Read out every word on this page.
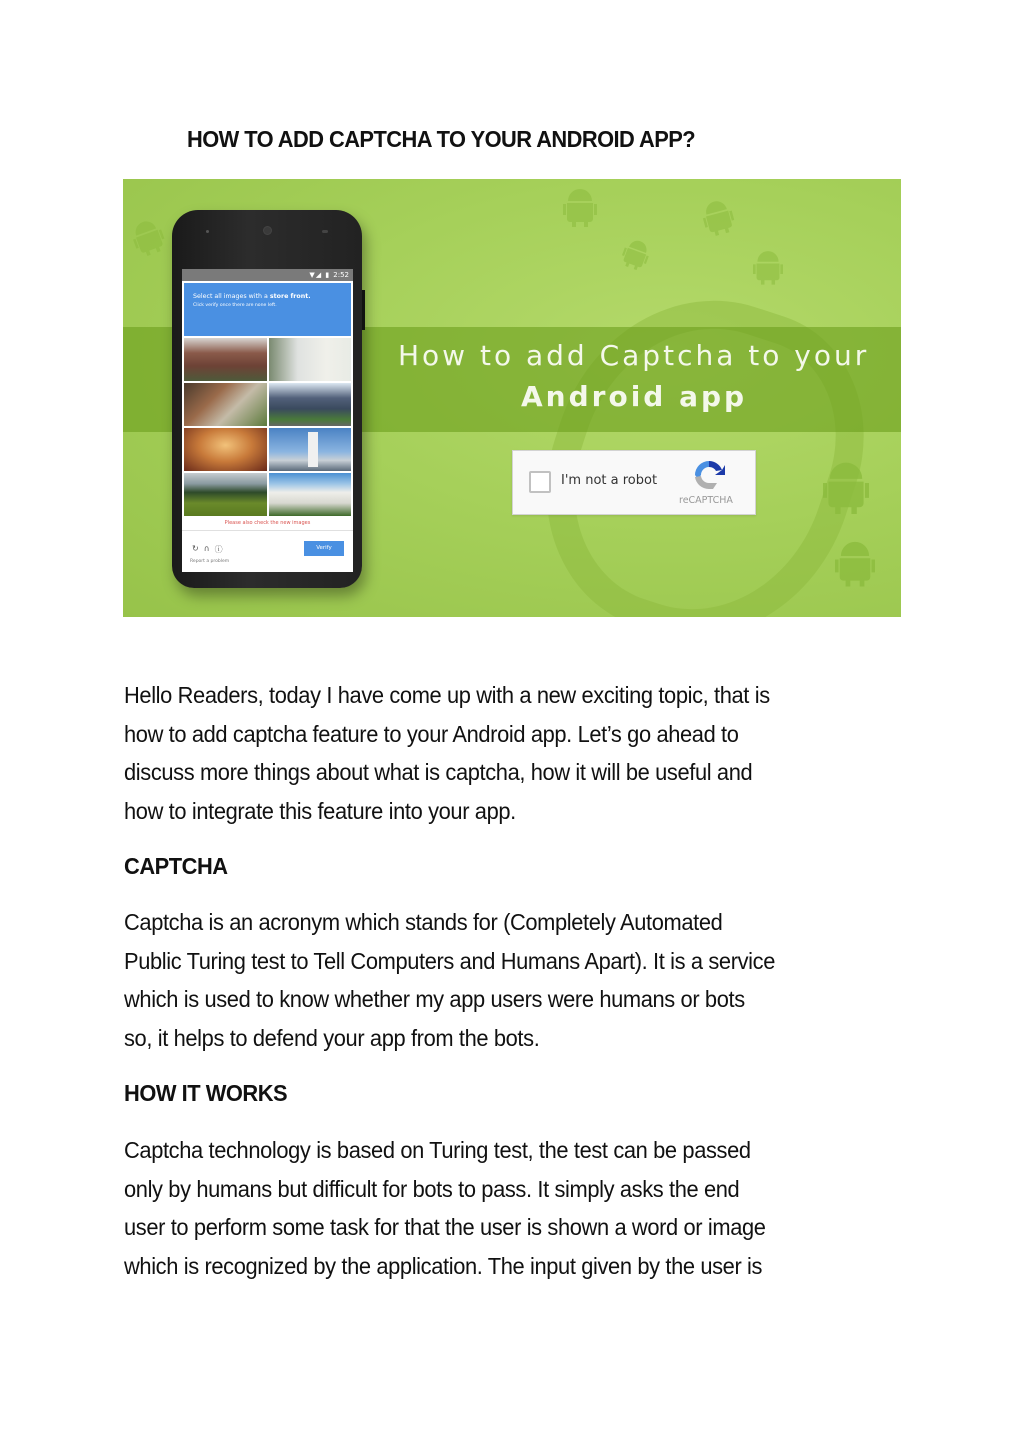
HOW TO ADD CAPTCHA TO YOUR ANDROID APP?
How to add Captcha to your
Android app
I'm not a robot
reCAPTCHA
▼◢ ▮ 2:52
Select all images with a store front.
Click verify once there are none left.
Please also check the new images
↻ ∩ ⓘ
Report a problem
Verify
Hello Readers, today I have come up with a new exciting topic, that is
how to add captcha feature to your Android app. Let’s go ahead to
discuss more things about what is captcha, how it will be useful and
how to integrate this feature into your app.
CAPTCHA
Captcha is an acronym which stands for (Completely Automated
Public Turing test to Tell Computers and Humans Apart). It is a service
which is used to know whether my app users were humans or bots
so, it helps to defend your app from the bots.
HOW IT WORKS
Captcha technology is based on Turing test, the test can be passed
only by humans but difficult for bots to pass. It simply asks the end
user to perform some task for that the user is shown a word or image
which is recognized by the application. The input given by the user is
